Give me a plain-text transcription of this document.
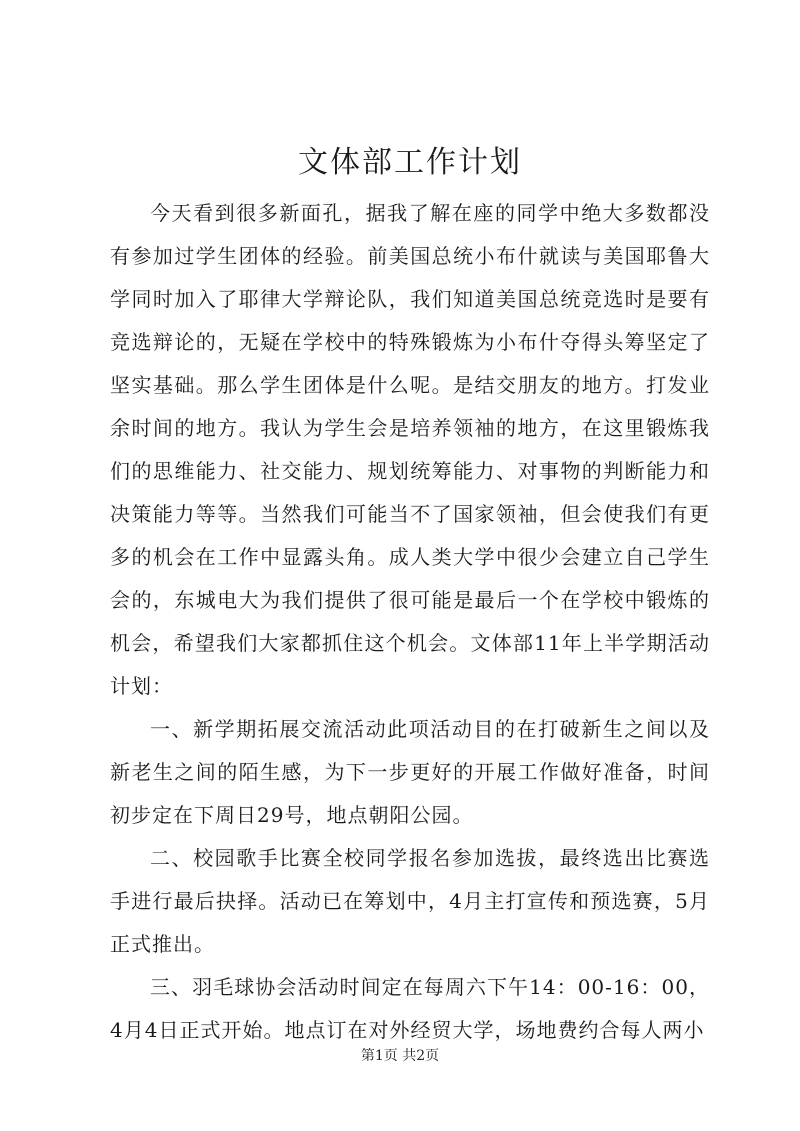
文体部工作计划

今天看到很多新面孔，据我了解在座的同学中绝大多数都没有参加过学生团体的经验。前美国总统小布什就读与美国耶鲁大学同时加入了耶律大学辩论队，我们知道美国总统竞选时是要有竞选辩论的，无疑在学校中的特殊锻炼为小布什夺得头筹坚定了坚实基础。那么学生团体是什么呢。是结交朋友的地方。打发业余时间的地方。我认为学生会是培养领袖的地方，在这里锻炼我们的思维能力、社交能力、规划统筹能力、对事物的判断能力和决策能力等等。当然我们可能当不了国家领袖，但会使我们有更多的机会在工作中显露头角。成人类大学中很少会建立自己学生会的，东城电大为我们提供了很可能是最后一个在学校中锻炼的机会，希望我们大家都抓住这个机会。文体部11年上半学期活动计划：

一、新学期拓展交流活动此项活动目的在打破新生之间以及新老生之间的陌生感，为下一步更好的开展工作做好准备，时间初步定在下周日29号，地点朝阳公园。

二、校园歌手比赛全校同学报名参加选拔，最终选出比赛选手进行最后抉择。活动已在筹划中，4月主打宣传和预选赛，5月正式推出。

三、羽毛球协会活动时间定在每周六下午14：00-16：00，4月4日正式开始。地点订在对外经贸大学，场地费约合每人两小

第1页 共2页
